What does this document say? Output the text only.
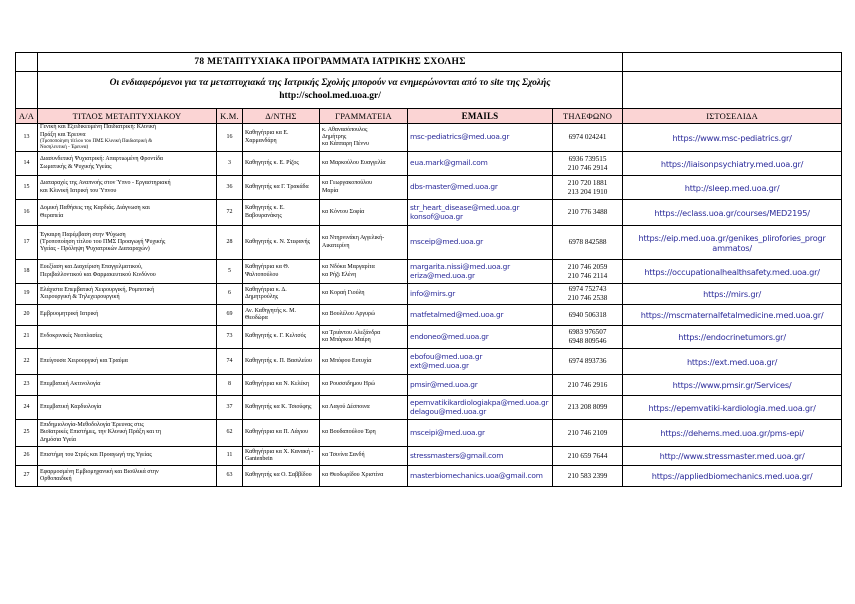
	78 ΜΕΤΑΠΤΥΧΙΑΚΑ ΠΡΟΓΡΑΜΜΑΤΑ ΙΑΤΡΙΚΗΣ ΣΧΟΛΗΣ						
	Οι ενδιαφερόμενοι για τα μεταπτυχιακά της Ιατρικής Σχολής μπορούν να ενημερώνονται από το site της Σχολής
http://school.med.uoa.gr/						

Α/Α	ΤΙΤΛΟΣ ΜΕΤΑΠΤΥΧΙΑΚΟΥ	Κ.Μ.	Δ/ΝΤΗΣ	ΓΡΑΜΜΑΤΕΙΑ	EMAILS	ΤΗΛΕΦΩΝΟ	ΙΣΤΟΣΕΛΙΔΑ
13	Γενική και Εξειδικευμένη Παιδιατρική: Κλινική
Πράξη και Έρευνα
(Τροποποίηση τίτλου του ΠΜΣ Κλινική Παιδιατρική &
Νοσηλευτική - Έρευνα)	16	Καθηγήτρια κα Ε.
Χαρμανδάρη	κ. Αθανασόπουλος
Δημήτρης
κα Κάππαρη Πέννυ	msc-pediatrics@med.uoa.gr	6974 024241	https://www.msc-pediatrics.gr/

14	Διασυνδετική Ψυχιατρική: Απαρτιωμένη Φροντίδα
Σωματικής & Ψυχικής Υγείας	3	Καθηγητής κ. Ε. Ρίζος	κα Μαρκούλου Ευαγγελία	eua.mark@gmail.com	6936 739515
210 746 2914	https://liaisonpsychiatry.med.uoa.gr/

15	Διαταραχές της Αναπνοής στον Ύπνο - Εργαστηριακή
και Κλινική Ιατρική του Ύπνου	36	Καθηγητής κα Γ. Τρακάδα	κα Γεωργακοπούλου
Μαρία	dbs-master@med.uoa.gr	210 720 1881
213 204 1910	http://sleep.med.uoa.gr/

16	Δομική Παθήσεις της Καρδιάς. Διάγνωση και
Θεραπεία	72	Καθηγητής κ. Ε.
Βαβουρανάκης	κα Κόντου Σοφία	str_heart_disease@med.uoa.gr
konsof@uoa.gr	210 776 3488	https://eclass.uoa.gr/courses/MED2195/

17	Έγκαιρη Παρέμβαση στην Ψύχωση
(Τροποποίηση τίτλου του ΠΜΣ Προαγωγή Ψυχικής
Υγείας - Πρόληψη Ψυχιατρικών Διαταραχών)	28	Καθηγητής κ. Ν. Στεφανής	κα Ντηρνινάκη Αγγελική-
Αικατερίνη	msceip@med.uoa.gr	6978 842588	https://eip.med.uoa.gr/genikes_plirofories_progr
ammatos/

18	Ευεξίαση και Διαχείριση Επαγγελματικού,
Περιβαλλοντικού και Φαρμακευτικού Κινδύνου	5	Καθηγήτρια κα Θ.
Ψαλτοπούλου	κα Νδόκα Μαργαρίτα
κα Ρήζι Ελένη	margarita.nissi@med.uoa.gr
eriza@med.uoa.gr	210 746 2059
210 746 2114	https://occupationalhealthsafety.med.uoa.gr/

19	Ελάχιστα Επεμβατική Χειρουργική, Ρομποτική
Χειρουργική & Τηλεχειρουργική	6	Καθηγήτρια κ. Δ.
Δημητρούλης	κα Κοραή Γιούλη	info@mirs.gr	6974 752743
210 746 2538	https://mirs.gr/

20	Εμβρυομητρική Ιατρική	69	Αν. Καθηγητής κ. Μ.
Θεοδώρα	κα Βουλέλου Αργυρώ	matfetalmed@med.uoa.gr	6940 506318	https://mscmaternalfetalmedicine.med.uoa.gr/

21	Ενδοκρινικές Νεοπλασίες	73	Καθηγητής κ. Γ. Κελτσός	κα Τριάντου Αλεξάνδρα
κα Μπάρκου Μαίρη	endoneo@med.uoa.gr	6983 976507
6948 809546	https://endocrinetumors.gr/

22	Επείγουσα Χειρουργική και Τραύμα	74	Καθηγητής κ. Π. Βασιλείου	κα Μπόφου Ευτυχία	ebofou@med.uoa.gr
ext@med.uoa.gr	6974 893736	https://ext.med.uoa.gr/

23	Επεμβατική Ακτινολογία	8	Καθηγήτρια κα Ν. Κελέκη	κα Ρουσσιδημου Ηρώ	pmsir@med.uoa.gr	210 746 2916	https://www.pmsir.gr/Services/

24	Επεμβατική Καρδιολογία	37	Καθηγητής κα Κ. Τσιούφης	κα Λαγού Δέσποινα	epemvatikikardiologiakpa@med.uoa.gr
delagou@med.uoa.gr	213 208 8099	https://epemvatiki-kardiologia.med.uoa.gr/

25	Επιδημιολογία-Μεθοδολογία Έρευνας στις
Βιοϊατρικές Επιστήμες, την Κλινική Πράξη και τη
Δημόσια Υγεία	62	Καθηγήτρια κα Π. Λάγιου	κα Βουδαπούλου Έφη	msceipi@med.uoa.gr	210 746 2109	https://dehems.med.uoa.gr/pms-epi/

26	Επιστήμη του Στρές και Προαγωγή της Υγείας	11	Καθηγήτρια κα Χ. Κανακή -
Gantenbein	κα Τσινίνα Σανδή	stressmasters@gmail.com	210 659 7644	http://www.stressmaster.med.uoa.gr/

27	Εφαρμοσμένη Εμβιομηχανική και Βιοϋλικά στην
Ορθοπαιδική	63	Καθηγητής κα Ο. Σαββίδου	κα Θεοδωρίδου Χριστίνα	masterbiomechanics.uoa@gmail.com	210 583 2399	https://appliedbiomechanics.med.uoa.gr/
